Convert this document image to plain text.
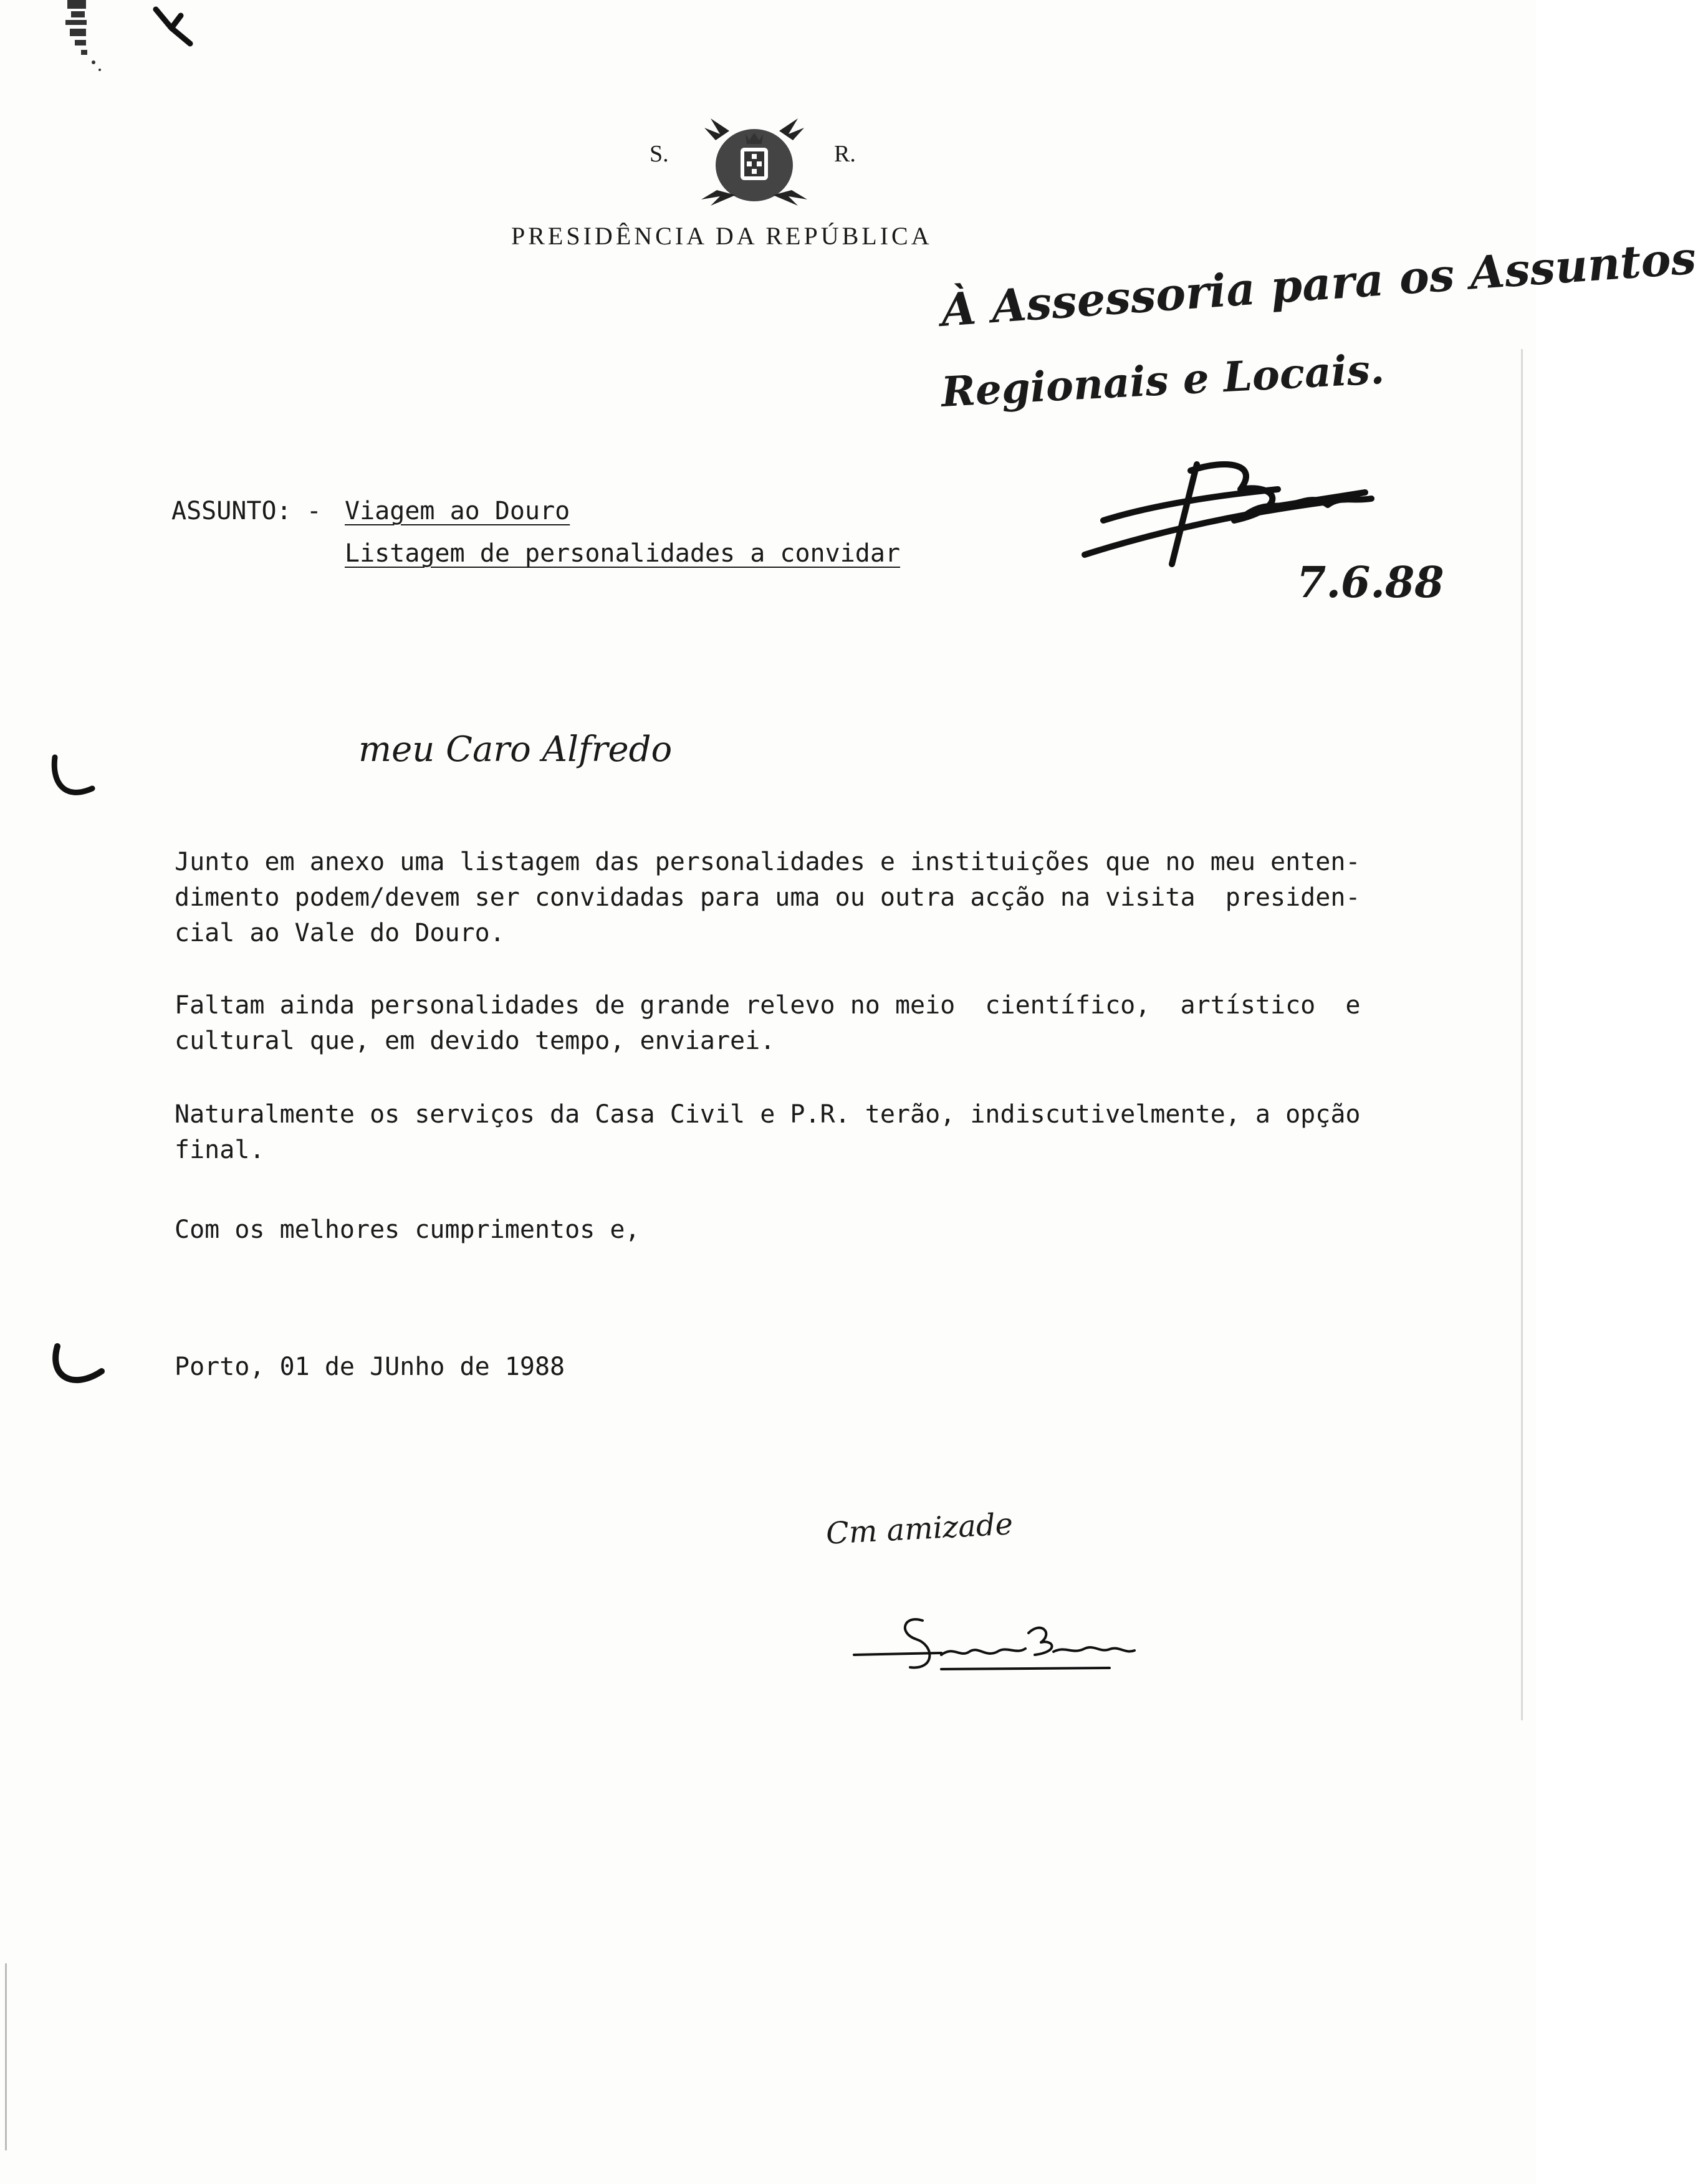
S.	R.
PRESIDÊNCIA DA REPÚBLICA À Assessoria para os Assuntos
Regionais e Locais.
7.6.88

ASSUNTO: - Viagem ao Douro

Listagem de personalidades a convidar

meu Caro Alfredo
Junto em anexo uma listagem das personalidades e instituições que no meu enten-
dimento podem/devem ser convidadas para uma ou outra acção na visita  presiden-
cial ao Vale do Douro.
Faltam ainda personalidades de grande relevo no meio  científico,  artístico  e
cultural que, em devido tempo, enviarei.
Naturalmente os serviços da Casa Civil e P.R. terão, indiscutivelmente, a opção
final.
Com os melhores cumprimentos e,
Porto, 01 de JUnho de 1988
Cm amizade
